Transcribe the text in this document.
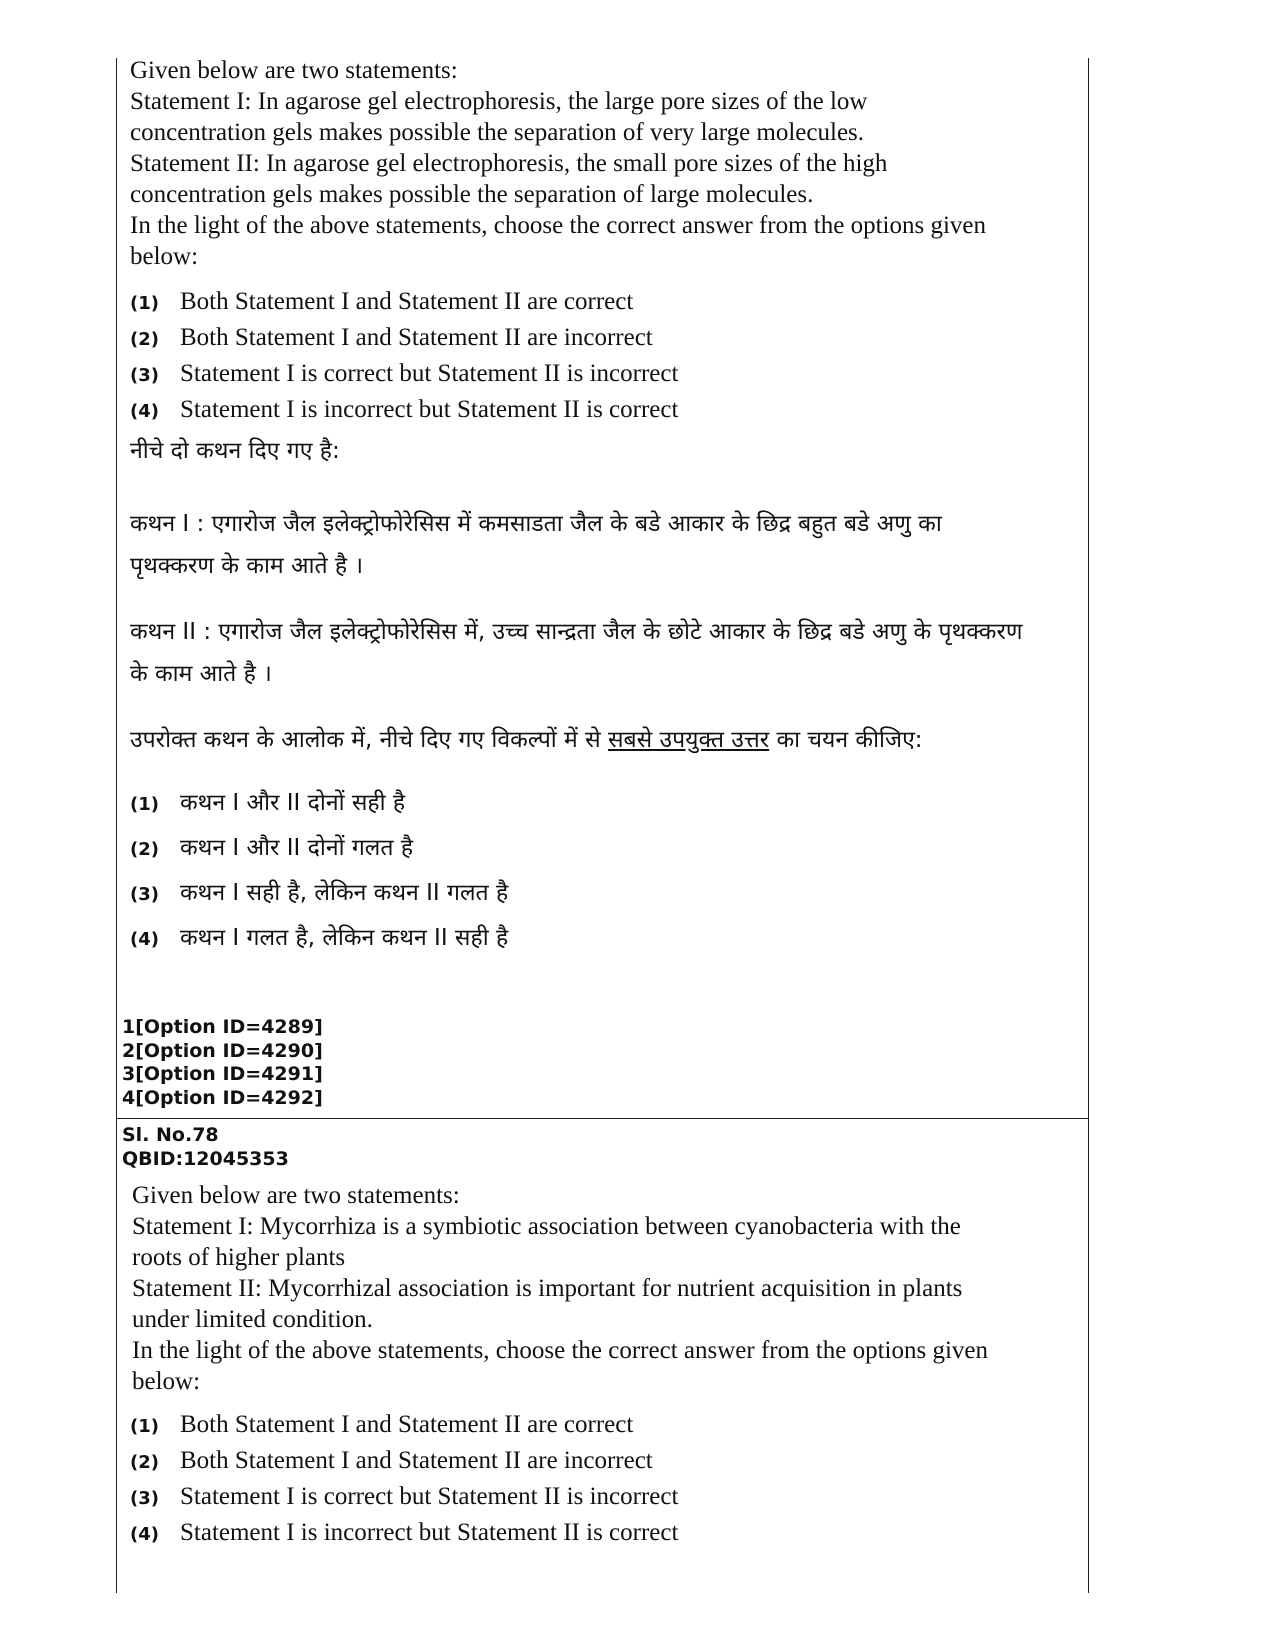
Given below are two statements:

Statement I: In agarose gel electrophoresis, the large pore sizes of the low concentration gels makes possible the separation of very large molecules.

Statement II: In agarose gel electrophoresis, the small pore sizes of the high concentration gels makes possible the separation of large molecules.

In the light of the above statements, choose the correct answer from the options given below:

(1) Both Statement I and Statement II are correct
(2) Both Statement I and Statement II are incorrect
(3) Statement I is correct but Statement II is incorrect
(4) Statement I is incorrect but Statement II is correct

नीचे दो कथन दिए गए है:

कथन I : एगारोज जैल इलेक्ट्रोफोरेसिस में कमसाडता जैल के बडे आकार के छिद्र बहुत बडे अणु का पृथक्करण के काम आते है ।

कथन II : एगारोज जैल इलेक्ट्रोफोरेसिस में, उच्च सान्द्रता जैल के छोटे आकार के छिद्र बडे अणु के पृथक्करण के काम आते है ।

उपरोक्त कथन के आलोक में, नीचे दिए गए विकल्पों में से सबसे उपयुक्त उत्तर का चयन कीजिए:

(1) कथन I और II दोनों सही है
(2) कथन I और II दोनों गलत है
(3) कथन I सही है, लेकिन कथन II गलत है
(4) कथन I गलत है, लेकिन कथन II सही है
1[Option ID=4289]
2[Option ID=4290]
3[Option ID=4291]
4[Option ID=4292]
Sl. No.78
QBID:12045353

Given below are two statements:

Statement I: Mycorrhiza is a symbiotic association between cyanobacteria with the roots of higher plants

Statement II: Mycorrhizal association is important for nutrient acquisition in plants under limited condition.

In the light of the above statements, choose the correct answer from the options given below:

(1) Both Statement I and Statement II are correct
(2) Both Statement I and Statement II are incorrect
(3) Statement I is correct but Statement II is incorrect
(4) Statement I is incorrect but Statement II is correct
